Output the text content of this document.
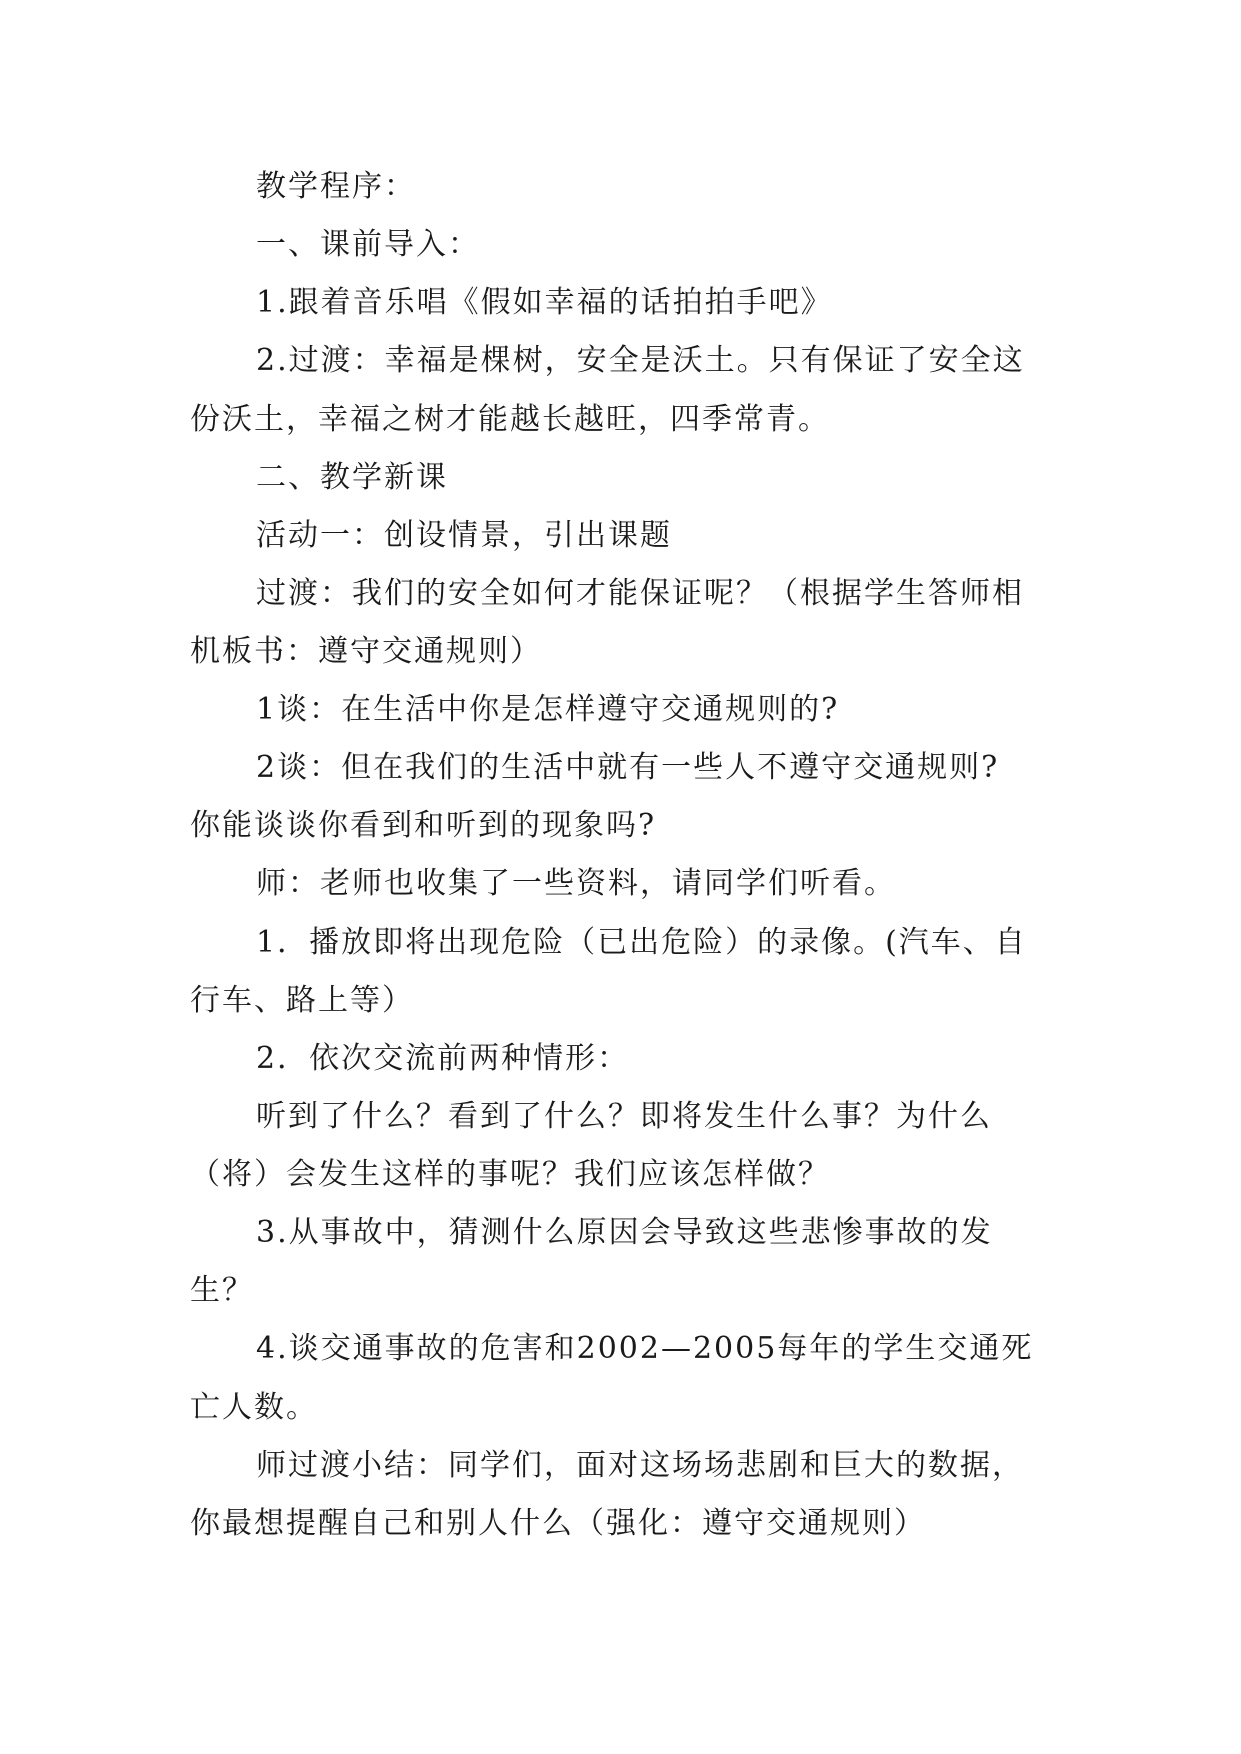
教学程序：
一、课前导入：
1.跟着音乐唱《假如幸福的话拍拍手吧》
2.过渡：幸福是棵树，安全是沃土。只有保证了安全这
份沃土，幸福之树才能越长越旺，四季常青。
二、教学新课
活动一：创设情景，引出课题
过渡：我们的安全如何才能保证呢？（根据学生答师相
机板书：遵守交通规则）
1谈：在生活中你是怎样遵守交通规则的?
2谈：但在我们的生活中就有一些人不遵守交通规则?
你能谈谈你看到和听到的现象吗?
师：老师也收集了一些资料，请同学们听看。
1．播放即将出现危险（已出危险）的录像。(汽车、自
行车、路上等）
2．依次交流前两种情形：
听到了什么？看到了什么？即将发生什么事？为什么
（将）会发生这样的事呢？我们应该怎样做？
3.从事故中，猜测什么原因会导致这些悲惨事故的发
生？
4.谈交通事故的危害和2002—2005每年的学生交通死
亡人数。
师过渡小结：同学们，面对这场场悲剧和巨大的数据，
你最想提醒自己和别人什么（强化：遵守交通规则）
